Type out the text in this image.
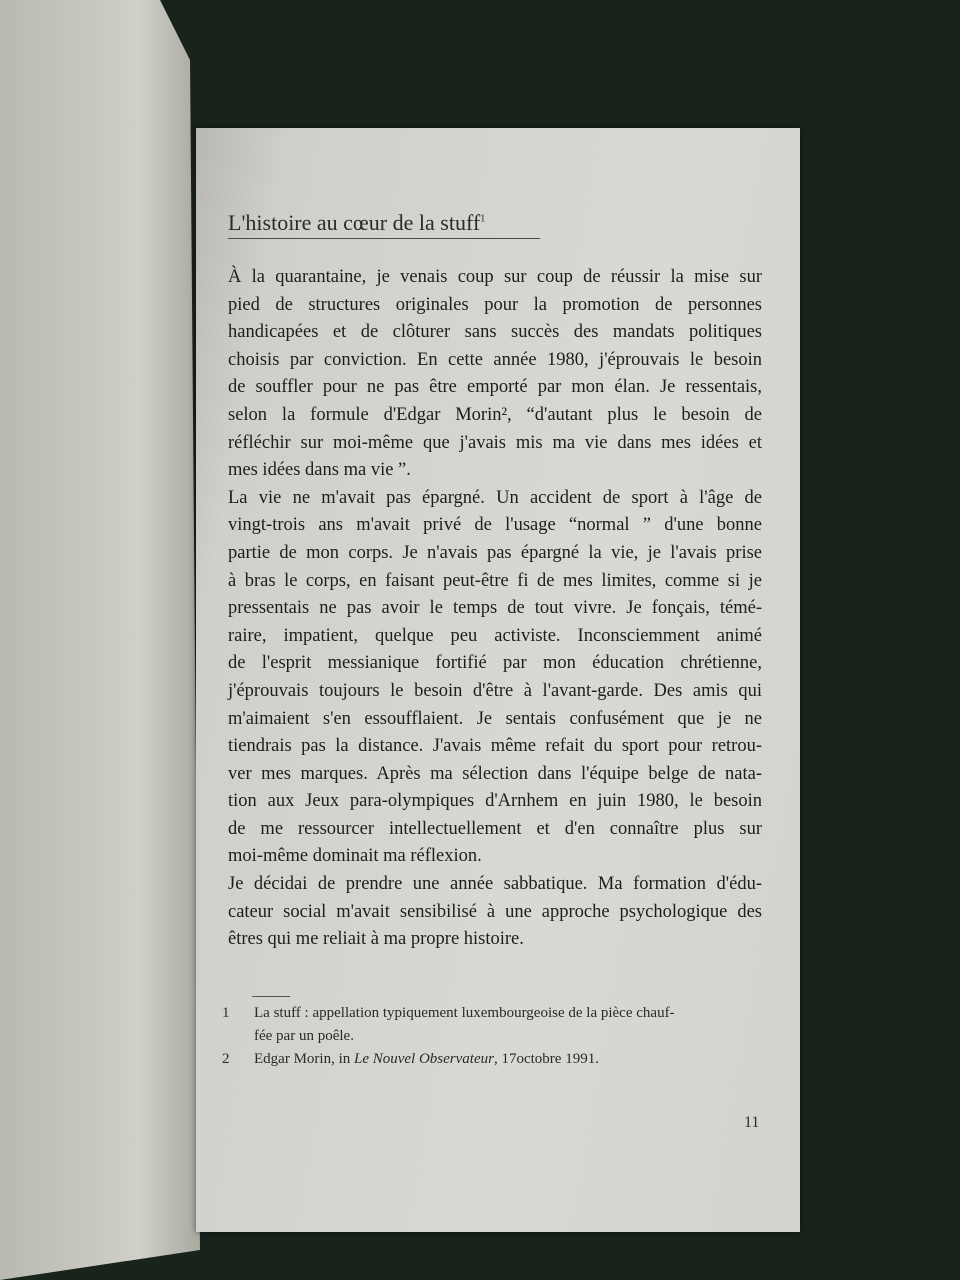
L'histoire au cœur de la stuff$^1$
À la quarantaine, je venais coup sur coup de réussir la mise sur
pied de structures originales pour la promotion de personnes
handicapées et de clôturer sans succès des mandats politiques
choisis par conviction. En cette année 1980, j'éprouvais le besoin
de souffler pour ne pas être emporté par mon élan. Je ressentais,
selon la formule d'Edgar Morin², “d'autant plus le besoin de
réfléchir sur moi-même que j'avais mis ma vie dans mes idées et
mes idées dans ma vie ”.
La vie ne m'avait pas épargné. Un accident de sport à l'âge de
vingt-trois ans m'avait privé de l'usage “normal ” d'une bonne
partie de mon corps. Je n'avais pas épargné la vie, je l'avais prise
à bras le corps, en faisant peut-être fi de mes limites, comme si je
pressentais ne pas avoir le temps de tout vivre. Je fonçais, témé-
raire, impatient, quelque peu activiste. Inconsciemment animé
de l'esprit messianique fortifié par mon éducation chrétienne,
j'éprouvais toujours le besoin d'être à l'avant-garde. Des amis qui
m'aimaient s'en essoufflaient. Je sentais confusément que je ne
tiendrais pas la distance. J'avais même refait du sport pour retrou-
ver mes marques. Après ma sélection dans l'équipe belge de nata-
tion aux Jeux para-olympiques d'Arnhem en juin 1980, le besoin
de me ressourcer intellectuellement et d'en connaître plus sur
moi-même dominait ma réflexion.
Je décidai de prendre une année sabbatique. Ma formation d'édu-
cateur social m'avait sensibilisé à une approche psychologique des
êtres qui me reliait à ma propre histoire.
1	La stuff : appellation typiquement luxembourgeoise de la pièce chauf-
fée par un poêle.
2	Edgar Morin, in Le Nouvel Observateur, 17octobre 1991.
11
